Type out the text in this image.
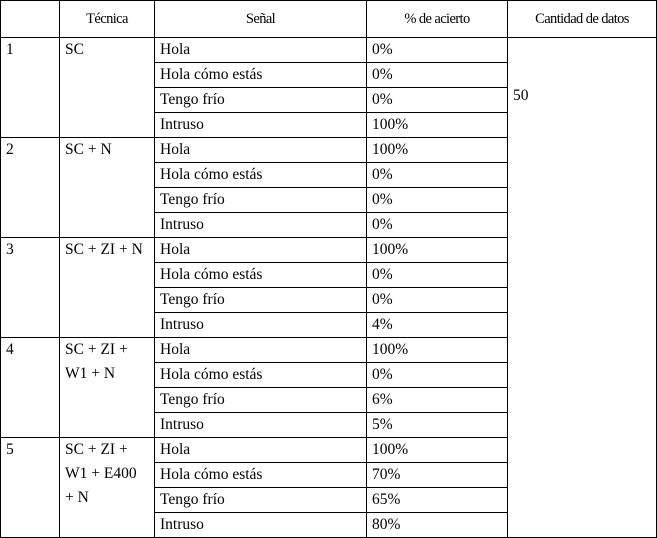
	Técnica	Señal	% de acierto	Cantidad de datos
1	SC	Hola	0%	50
		Hola cómo estás	0%	
		Tengo frío	0%	
		Intruso	100%	
2	SC + N	Hola	100%	
		Hola cómo estás	0%	
		Tengo frío	0%	
		Intruso	0%	
3	SC + ZI + N	Hola	100%	
		Hola cómo estás	0%	
		Tengo frío	0%	
		Intruso	4%	
4	SC + ZI + W1 + N	Hola	100%	
		Hola cómo estás	0%	
		Tengo frío	6%	
		Intruso	5%	
5	SC + ZI + W1 + E400 + N	Hola	100%	
		Hola cómo estás	70%	
		Tengo frío	65%	
		Intruso	80%	
